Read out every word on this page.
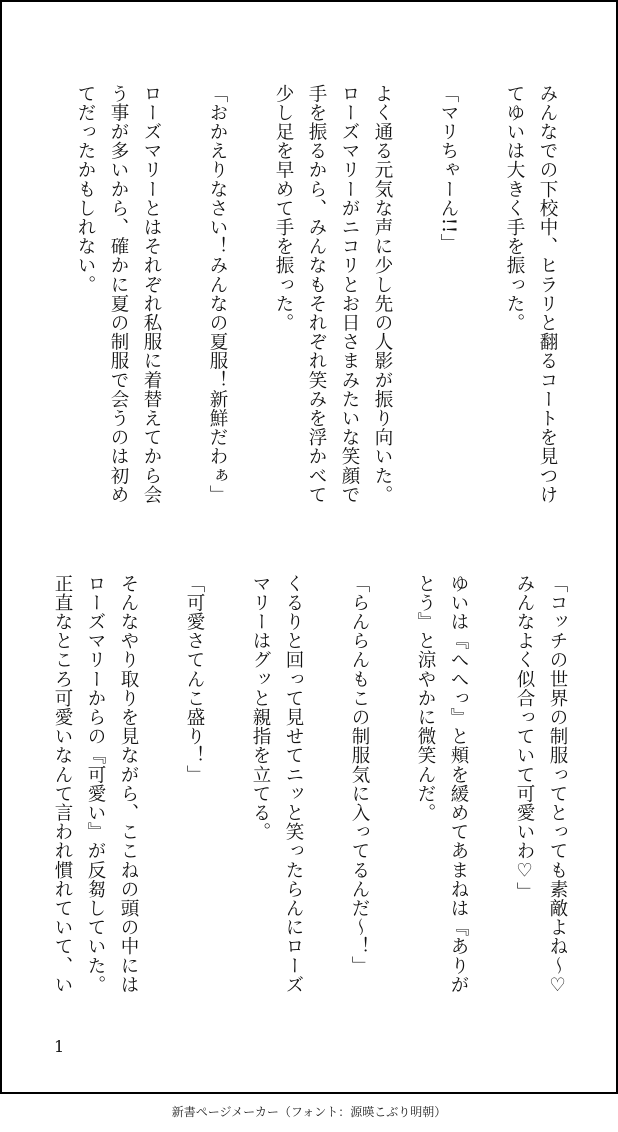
みんなでの下校中、ヒラリと翻るコートを見つけ
てゆいは大きく手を振った。

「マリちゃーん!!」

よく通る元気な声に少し先の人影が振り向いた。
ローズマリーがニコリとお日さまみたいな笑顔で
手を振るから、みんなもそれぞれ笑みを浮かべて
少し足を早めて手を振った。

「おかえりなさい！みんなの夏服！新鮮だわぁ」

ローズマリーとはそれぞれ私服に着替えてから会
う事が多いから、確かに夏の制服で会うのは初め
てだったかもしれない。
「コッチの世界の制服ってとっても素敵よね〜♡
みんなよく似合っていて可愛いわ♡」

ゆいは『へへっ』と頬を緩めてあまねは『ありが
とう』と涼やかに微笑んだ。

「らんらんもこの制服気に入ってるんだ〜！」

くるりと回って見せてニッと笑ったらんにローズ
マリーはグッと親指を立てる。

「可愛さてんこ盛り！」

そんなやり取りを見ながら、ここねの頭の中には
ローズマリーからの『可愛い』が反芻していた。
正直なところ可愛いなんて言われ慣れていて、い
1
新書ページメーカー（フォント：源暎こぶり明朝）
